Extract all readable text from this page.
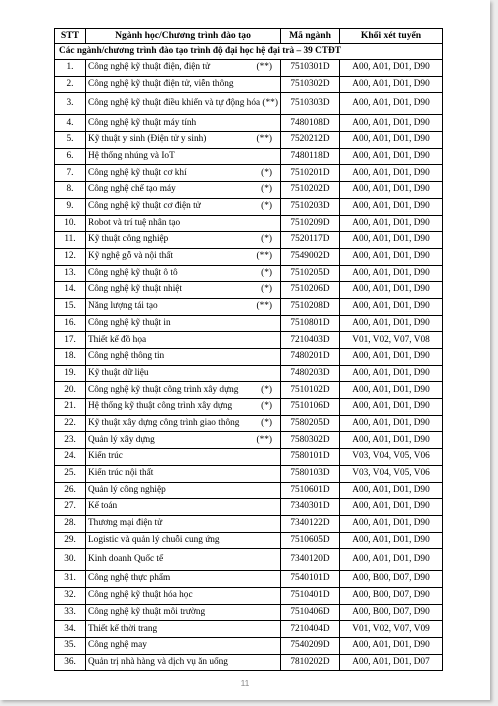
STT	Ngành học/Chương trình đào tạo	Mã ngành	Khối xét tuyển
Các ngành/chương trình đào tạo trình độ đại học hệ đại trà – 39 CTĐT			
1.	Công nghệ kỹ thuật điện, điện tử (**)	7510301D	A00, A01, D01, D90
2.	Công nghệ kỹ thuật điện tử, viễn thông	7510302D	A00, A01, D01, D90
3.	Công nghệ kỹ thuật điều khiển và tự động hóa (**)	7510303D	A00, A01, D01, D90
4.	Công nghệ kỹ thuật máy tính	7480108D	A00, A01, D01, D90
5.	Kỹ thuật y sinh (Điện tử y sinh) (**)	7520212D	A00, A01, D01, D90
6.	Hệ thống nhúng và IoT	7480118D	A00, A01, D01, D90
7.	Công nghệ kỹ thuật cơ khí (*)	7510201D	A00, A01, D01, D90
8.	Công nghệ chế tạo máy (*)	7510202D	A00, A01, D01, D90
9.	Công nghệ kỹ thuật cơ điện tử (*)	7510203D	A00, A01, D01, D90
10.	Robot và trí tuệ nhân tạo	7510209D	A00, A01, D01, D90
11.	Kỹ thuật công nghiệp (*)	7520117D	A00, A01, D01, D90
12.	Kỹ nghệ gỗ và nội thất (**)	7549002D	A00, A01, D01, D90
13.	Công nghệ kỹ thuật ô tô (*)	7510205D	A00, A01, D01, D90
14.	Công nghệ kỹ thuật nhiệt (*)	7510206D	A00, A01, D01, D90
15.	Năng lượng tái tạo (**)	7510208D	A00, A01, D01, D90
16.	Công nghệ kỹ thuật in	7510801D	A00, A01, D01, D90
17.	Thiết kế đồ họa	7210403D	V01, V02, V07, V08
18.	Công nghệ thông tin	7480201D	A00, A01, D01, D90
19.	Kỹ thuật dữ liệu	7480203D	A00, A01, D01, D90
20.	Công nghệ kỹ thuật công trình xây dựng (*)	7510102D	A00, A01, D01, D90
21.	Hệ thống kỹ thuật công trình xây dựng (*)	7510106D	A00, A01, D01, D90
22.	Kỹ thuật xây dựng công trình giao thông (*)	7580205D	A00, A01, D01, D90
23.	Quản lý xây dựng (**)	7580302D	A00, A01, D01, D90
24.	Kiến trúc	7580101D	V03, V04, V05, V06
25.	Kiến trúc nội thất	7580103D	V03, V04, V05, V06
26.	Quản lý công nghiệp	7510601D	A00, A01, D01, D90
27.	Kế toán	7340301D	A00, A01, D01, D90
28.	Thương mại điện tử	7340122D	A00, A01, D01, D90
29.	Logistic và quản lý chuỗi cung ứng	7510605D	A00, A01, D01, D90
30.	Kinh doanh Quốc tế	7340120D	A00, A01, D01, D90
31.	Công nghệ thực phẩm	7540101D	A00, B00, D07, D90
32.	Công nghệ kỹ thuật hóa học	7510401D	A00, B00, D07, D90
33.	Công nghệ kỹ thuật môi trường	7510406D	A00, B00, D07, D90
34.	Thiết kế thời trang	7210404D	V01, V02, V07, V09
35.	Công nghệ may	7540209D	A00, A01, D01, D90
36.	Quản trị nhà hàng và dịch vụ ăn uống	7810202D	A00, A01, D01, D07
11
